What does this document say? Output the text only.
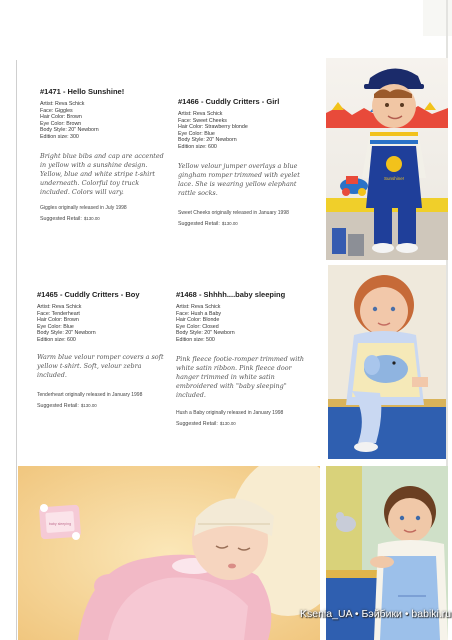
#1471 - Hello Sunshine!
Artist: Reva Schick
Face: Giggles
Hair Color: Brown
Eye Color: Brown
Body Style: 20" Newborn
Edition size: 300
Bright blue bibs and cap are accented in yellow with a sunshine design. Yellow, blue and white stripe t-shirt underneath. Colorful toy truck included. Colors will vary.
Giggles originally released in July 1998
Suggested Retail: $^{\$130.00}$
#1466 - Cuddly Critters - Girl
Artist: Reva Schick
Face: Sweet Cheeks
Hair Color: Strawberry blonde
Eye Color: Blue
Body Style: 20" Newborn
Edition size: 600
Yellow velour jumper overlays a blue gingham romper trimmed with eyelet lace. She is wearing yellow elephant rattle socks.
Sweet Cheeks originally released in January 1998
Suggested Retail: $^{\$130.00}$
#1465 - Cuddly Critters - Boy
Artist: Reva Schick
Face: Tenderheart
Hair Color: Brown
Eye Color: Blue
Body Style: 20" Newborn
Edition size: 600
Warm blue velour romper covers a soft yellow t-shirt. Soft, velour zebra included.
Tenderheart originally released in January 1998
Suggested Retail: $^{\$130.00}$
#1468 - Shhhh....baby sleeping
Artist: Reva Schick
Face: Hush a Baby
Hair Color: Blonde
Eye Color: Closed
Body Style: 20" Newborn
Edition size: 500
Pink fleece footie-romper trimmed with white satin ribbon. Pink fleece door hanger trimmed in white satin embroidered with "baby sleeping" included.
Hush a Baby originally released in January 1998
Suggested Retail: $^{\$130.00}$
Sunshine!
baby sleeping
Ksenia_UA • Бэйбики • babiki.ru
